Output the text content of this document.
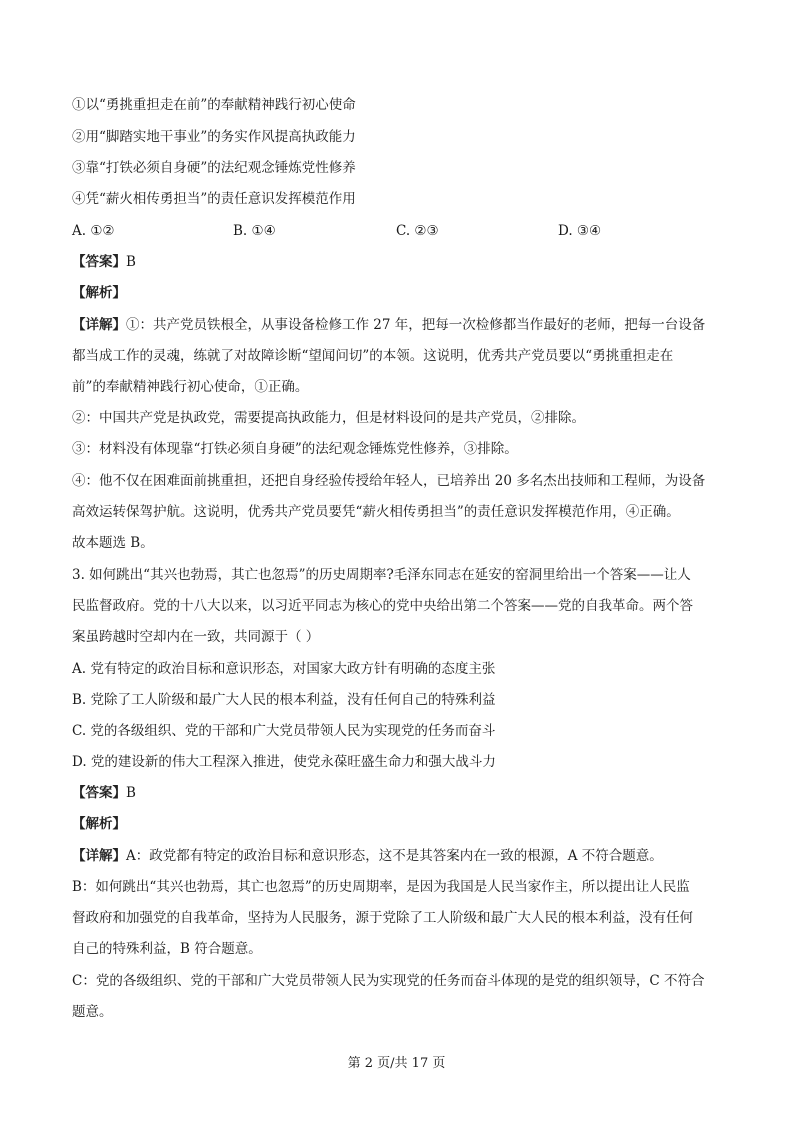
①以“勇挑重担走在前”的奉献精神践行初心使命
②用“脚踏实地干事业”的务实作风提高执政能力
③靠“打铁必须自身硬”的法纪观念锤炼党性修养
④凭“薪火相传勇担当”的责任意识发挥模范作用
A. ①②	B. ①④	C. ②③	D. ③④
【答案】B
【解析】
【详解】①：共产党员铁根全，从事设备检修工作 27 年，把每一次检修都当作最好的老师，把每一台设备
都当成工作的灵魂，练就了对故障诊断“望闻问切”的本领。这说明，优秀共产党员要以“勇挑重担走在
前”的奉献精神践行初心使命，①正确。
②：中国共产党是执政党，需要提高执政能力，但是材料设问的是共产党员，②排除。
③：材料没有体现靠“打铁必须自身硬”的法纪观念锤炼党性修养，③排除。
④：他不仅在困难面前挑重担，还把自身经验传授给年轻人，已培养出 20 多名杰出技师和工程师，为设备
高效运转保驾护航。这说明，优秀共产党员要凭“薪火相传勇担当”的责任意识发挥模范作用，④正确。
故本题选 B。
3. 如何跳出“其兴也勃焉，其亡也忽焉”的历史周期率?毛泽东同志在延安的窑洞里给出一个答案——让人
民监督政府。党的十八大以来，以习近平同志为核心的党中央给出第二个答案——党的自我革命。两个答
案虽跨越时空却内在一致，共同源于（ ）
A. 党有特定的政治目标和意识形态，对国家大政方针有明确的态度主张
B. 党除了工人阶级和最广大人民的根本利益，没有任何自己的特殊利益
C. 党的各级组织、党的干部和广大党员带领人民为实现党的任务而奋斗
D. 党的建设新的伟大工程深入推进，使党永葆旺盛生命力和强大战斗力
【答案】B
【解析】
【详解】A：政党都有特定的政治目标和意识形态，这不是其答案内在一致的根源，A 不符合题意。
B：如何跳出“其兴也勃焉，其亡也忽焉”的历史周期率，是因为我国是人民当家作主，所以提出让人民监
督政府和加强党的自我革命，坚持为人民服务，源于党除了工人阶级和最广大人民的根本利益，没有任何
自己的特殊利益，B 符合题意。
C：党的各级组织、党的干部和广大党员带领人民为实现党的任务而奋斗体现的是党的组织领导，C 不符合
题意。
第 2 页/共 17 页
